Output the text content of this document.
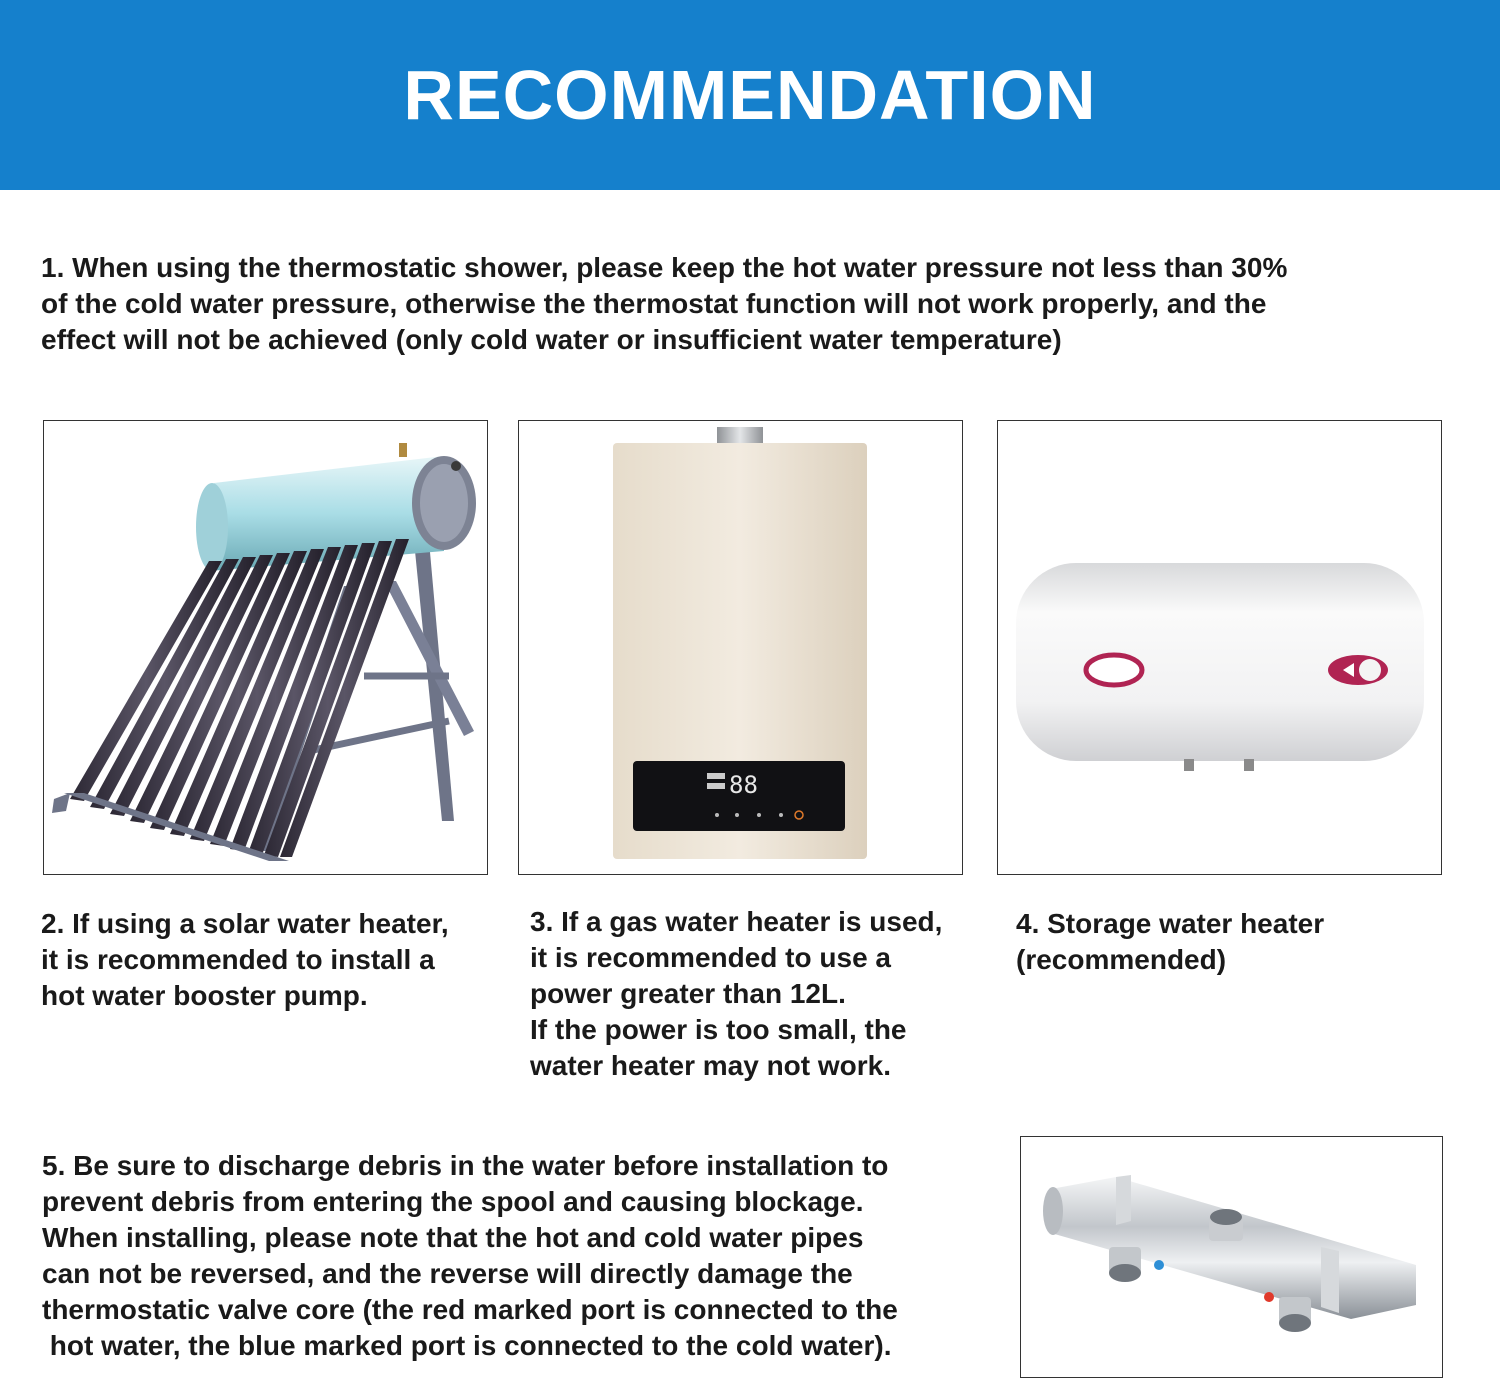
RECOMMENDATION

1. When using the thermostatic shower, please keep the hot water pressure not less than 30%
of the cold water pressure, otherwise the thermostat function will not work properly, and the
effect will not be achieved (only cold water or insufficient water temperature)

88

2. If using a solar water heater,
it is recommended to install a
hot water booster pump.

3. If a gas water heater is used,
it is recommended to use a
power greater than 12L.
If the power is too small, the
water heater may not work.

4. Storage water heater
(recommended)

5. Be sure to discharge debris in the water before installation to
prevent debris from entering the spool and causing blockage.
When installing, please note that the hot and cold water pipes
can not be reversed, and the reverse will directly damage the
thermostatic valve core (the red marked port is connected to the
hot water, the blue marked port is connected to the cold water).
